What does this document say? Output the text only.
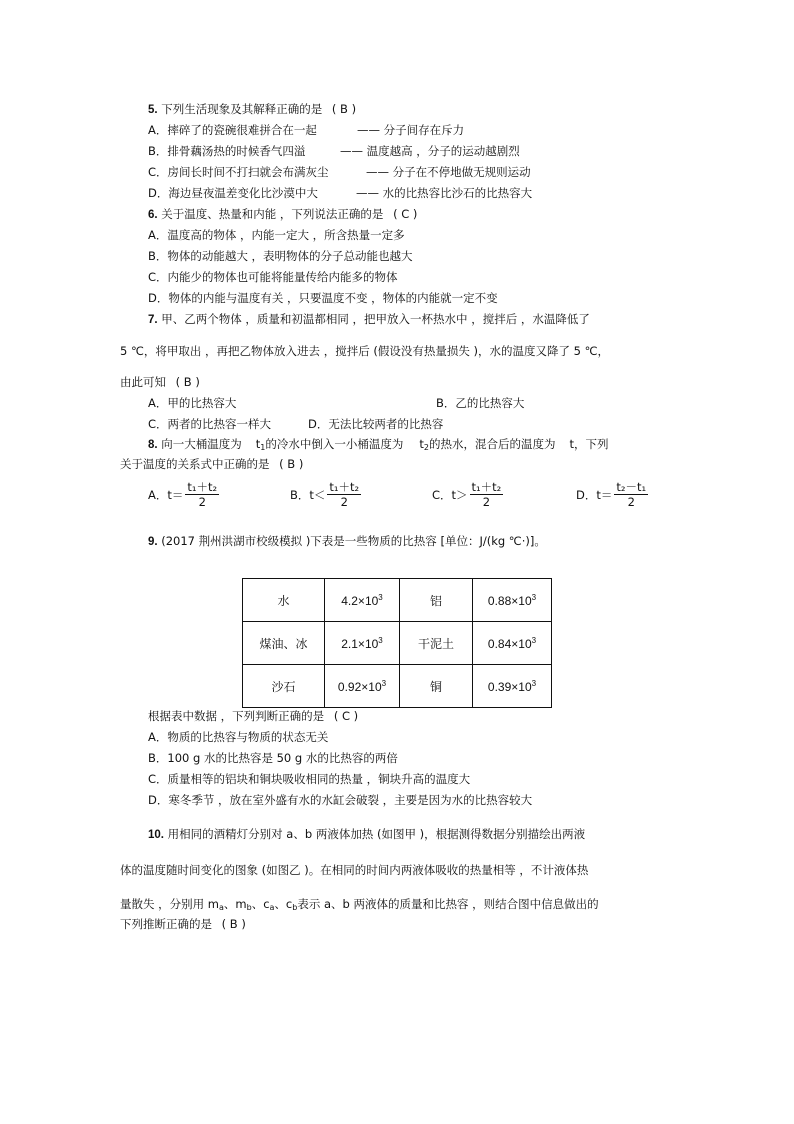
5. 下列生活现象及其解释正确的是 ( B )
A．摔碎了的瓷碗很难拼合在一起	—— 分子间存在斥力
B．排骨藕汤热的时候香气四溢	—— 温度越高 ，分子的运动越剧烈
C．房间长时间不打扫就会布满灰尘	—— 分子在不停地做无规则运动
D．海边昼夜温差变化比沙漠中大	—— 水的比热容比沙石的比热容大
6. 关于温度、热量和内能 ，下列说法正确的是 ( C )
A．温度高的物体 ，内能一定大 ，所含热量一定多
B．物体的动能越大 ，表明物体的分子总动能也越大
C．内能少的物体也可能将能量传给内能多的物体
D．物体的内能与温度有关 ，只要温度不变 ，物体的内能就一定不变
7. 甲、乙两个物体 ，质量和初温都相同 ，把甲放入一杯热水中 ，搅拌后 ，水温降低了
5 ℃，将甲取出 ，再把乙物体放入进去 ，搅拌后 (假设没有热量损失 )，水的温度又降了 5 ℃，
由此可知 ( B )
A．甲的比热容大	B．乙的比热容大
C．两者的比热容一样大	D．无法比较两者的比热容
8. 向一大桶温度为 $t_1$的冷水中倒入一小桶温度为 $t_2$的热水，混合后的温度为 t，下列
关于温度的关系式中正确的是 ( B )
A．$t= \frac{\text{t₁＋t₂}}{2}$	B．$t< \frac{\text{t₁＋t₂}}{2}$	C．$t> \frac{\text{t₁＋t₂}}{2}$	D．$t= \frac{\text{t₂－t₁}}{2}$
9. (2017 荆州洪湖市校级模拟 )下表是一些物质的比热容 [单位：J/(kg ℃·)]。
水	$4.2\times 10^3$	铝	$0.88\times 10^3$
煤油、冰	$2.1\times 10^3$	干泥土	$0.84\times 10^3$
沙石	$0.92\times 10^3$	铜	$0.39\times 10^3$
根据表中数据 ，下列判断正确的是 ( C )
A．物质的比热容与物质的状态无关
B．100 g 水的比热容是 50 g 水的比热容的两倍
C．质量相等的铝块和铜块吸收相同的热量 ，铜块升高的温度大
D．寒冬季节 ，放在室外盛有水的水缸会破裂 ，主要是因为水的比热容较大
10. 用相同的酒精灯分别对 a、b 两液体加热 (如图甲 )，根据测得数据分别描绘出两液
体的温度随时间变化的图象 (如图乙 )。在相同的时间内两液体吸收的热量相等 ，不计液体热
量散失 ，分别用 $m_a$、$m_b$、$c_a$、$c_b$表示 a、b 两液体的质量和比热容 ，则结合图中信息做出的
下列推断正确的是 ( B )
